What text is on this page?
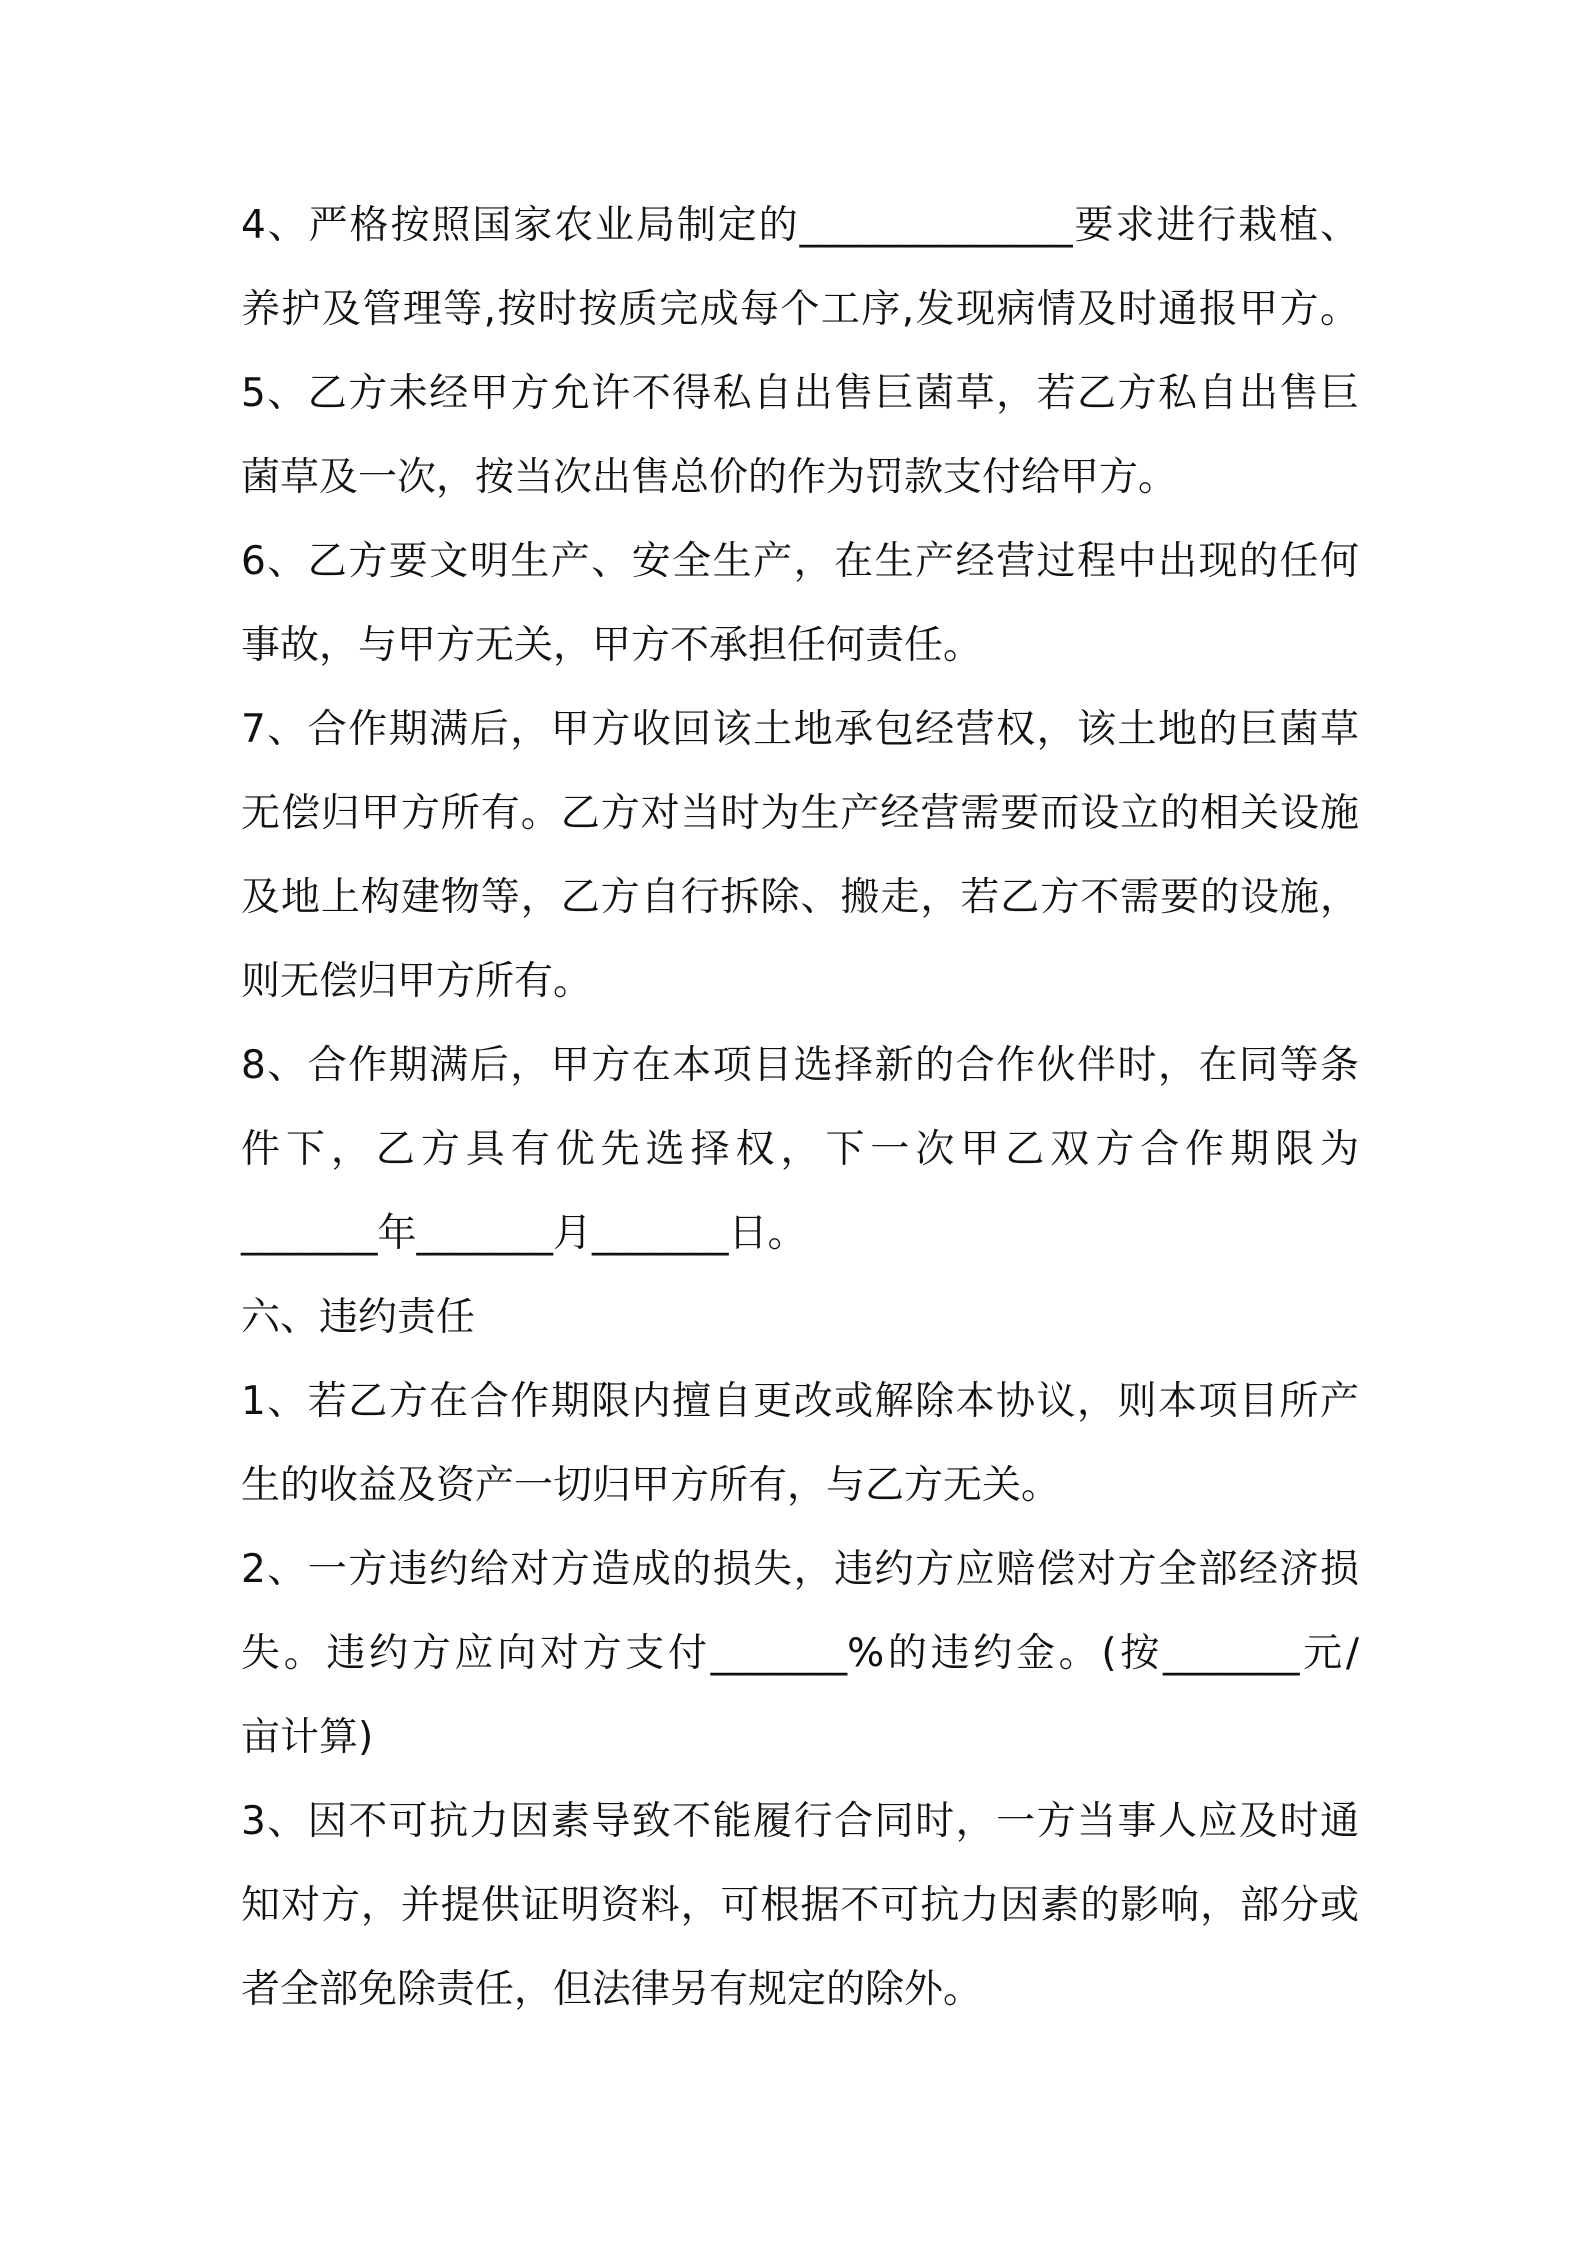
4、严格按照国家农业局制定的______________要求进行栽植、
养护及管理等,按时按质完成每个工序,发现病情及时通报甲方。
5、乙方未经甲方允许不得私自出售巨菌草，若乙方私自出售巨
菌草及一次，按当次出售总价的作为罚款支付给甲方。
6、乙方要文明生产、安全生产，在生产经营过程中出现的任何
事故，与甲方无关，甲方不承担任何责任。
7、合作期满后，甲方收回该土地承包经营权，该土地的巨菌草
无偿归甲方所有。乙方对当时为生产经营需要而设立的相关设施
及地上构建物等，乙方自行拆除、搬走，若乙方不需要的设施，
则无偿归甲方所有。
8、合作期满后，甲方在本项目选择新的合作伙伴时，在同等条
件下，乙方具有优先选择权，下一次甲乙双方合作期限为
_______年_______月_______日。
六、违约责任
1、若乙方在合作期限内擅自更改或解除本协议，则本项目所产
生的收益及资产一切归甲方所有，与乙方无关。
2、一方违约给对方造成的损失，违约方应赔偿对方全部经济损
失。违约方应向对方支付_______%的违约金。(按_______元/
亩计算)
3、因不可抗力因素导致不能履行合同时，一方当事人应及时通
知对方，并提供证明资料，可根据不可抗力因素的影响，部分或
者全部免除责任，但法律另有规定的除外。
